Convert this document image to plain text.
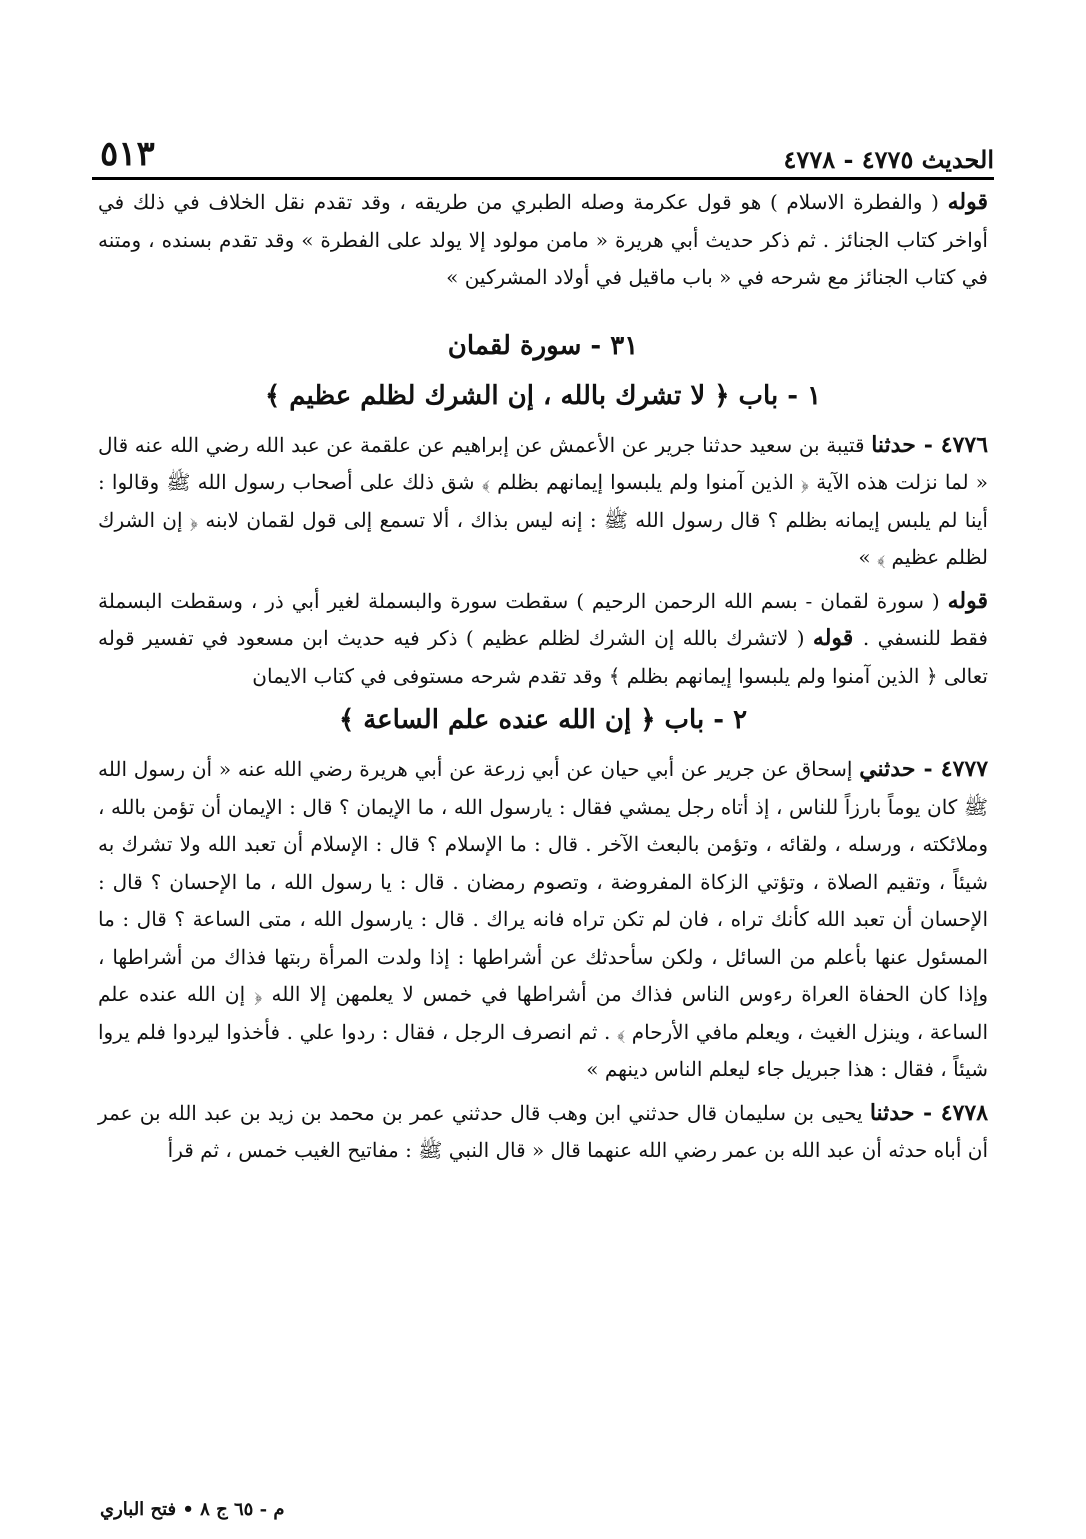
الحديث ٤٧٧٥ - ٤٧٧٨
٥١٣

قوله ( والفطرة الاسلام ) هو قول عكرمة وصله الطبري من طريقه ، وقد تقدم نقل الخلاف في ذلك في أواخر كتاب الجنائز . ثم ذكر حديث أبي هريرة « مامن مولود إلا يولد على الفطرة » وقد تقدم بسنده ، ومتنه في كتاب الجنائز مع شرحه في « باب ماقيل في أولاد المشركين »

٣١ - سورة لقمان
١ - باب ﴿ لا تشرك بالله ، إن الشرك لظلم عظيم ﴾

٤٧٧٦ - حدثنا قتيبة بن سعيد حدثنا جرير عن الأعمش عن إبراهيم عن علقمة عن عبد الله رضي الله عنه قال « لما نزلت هذه الآية ﴿ الذين آمنوا ولم يلبسوا إيمانهم بظلم ﴾ شق ذلك على أصحاب رسول الله ﷺ وقالوا : أينا لم يلبس إيمانه بظلم ؟ قال رسول الله ﷺ : إنه ليس بذاك ، ألا تسمع إلى قول لقمان لابنه ﴿ إن الشرك لظلم عظيم ﴾ »

قوله ( سورة لقمان - بسم الله الرحمن الرحيم ) سقطت سورة والبسملة لغير أبي ذر ، وسقطت البسملة فقط للنسفي . قوله ( لاتشرك بالله إن الشرك لظلم عظيم ) ذكر فيه حديث ابن مسعود في تفسير قوله تعالى ﴿ الذين آمنوا ولم يلبسوا إيمانهم بظلم ﴾ وقد تقدم شرحه مستوفى في كتاب الايمان

٢ - باب ﴿ إن الله عنده علم الساعة ﴾

٤٧٧٧ - حدثني إسحاق عن جرير عن أبي حيان عن أبي زرعة عن أبي هريرة رضي الله عنه « أن رسول الله ﷺ كان يوماً بارزاً للناس ، إذ أتاه رجل يمشي فقال : يارسول الله ، ما الإيمان ؟ قال : الإيمان أن تؤمن بالله ، وملائكته ، ورسله ، ولقائه ، وتؤمن بالبعث الآخر . قال : ما الإسلام ؟ قال : الإسلام أن تعبد الله ولا تشرك به شيئاً ، وتقيم الصلاة ، وتؤتي الزكاة المفروضة ، وتصوم رمضان . قال : يا رسول الله ، ما الإحسان ؟ قال : الإحسان أن تعبد الله كأنك تراه ، فان لم تكن تراه فانه يراك . قال : يارسول الله ، متى الساعة ؟ قال : ما المسئول عنها بأعلم من السائل ، ولكن سأحدثك عن أشراطها : إذا ولدت المرأة ربتها فذاك من أشراطها ، وإذا كان الحفاة العراة رءوس الناس فذاك من أشراطها في خمس لا يعلمهن إلا الله ﴿ إن الله عنده علم الساعة ، وينزل الغيث ، ويعلم مافي الأرحام ﴾ . ثم انصرف الرجل ، فقال : ردوا علي . فأخذوا ليردوا فلم يروا شيئاً ، فقال : هذا جبريل جاء ليعلم الناس دينهم »

٤٧٧٨ - حدثنا يحيى بن سليمان قال حدثني ابن وهب قال حدثني عمر بن محمد بن زيد بن عبد الله بن عمر أن أباه حدثه أن عبد الله بن عمر رضي الله عنهما قال « قال النبي ﷺ : مفاتيح الغيب خمس ، ثم قرأ

م - ٦٥ ج ٨ • فتح الباري
